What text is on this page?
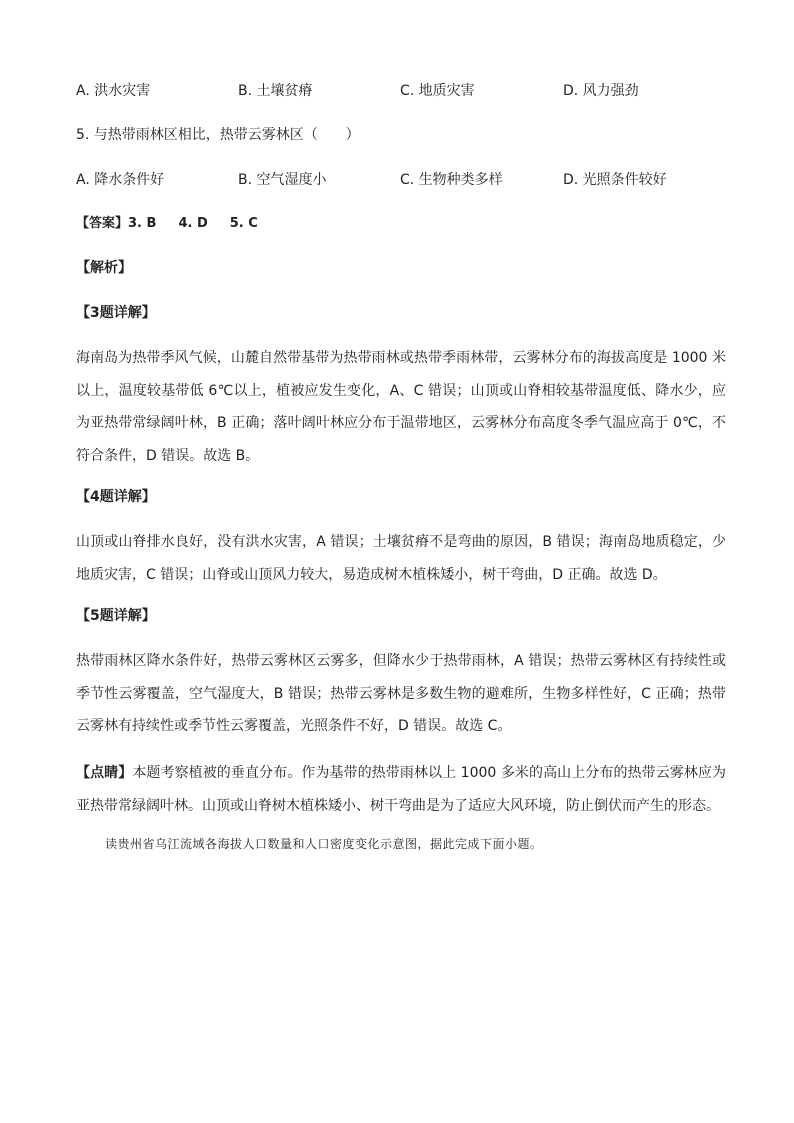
A. 洪水灾害	B. 土壤贫瘠	C. 地质灾害	D. 风力强劲
5. 与热带雨林区相比，热带云雾林区（　　）
A. 降水条件好	B. 空气湿度小	C. 生物种类多样	D. 光照条件较好
【答案】3. B 4. D 5. C
【解析】
【3题详解】
海南岛为热带季风气候，山麓自然带基带为热带雨林或热带季雨林带，云雾林分布的海拔高度是 1000 米以上，温度较基带低 6℃以上，植被应发生变化，A、C 错误；山顶或山脊相较基带温度低、降水少，应为亚热带常绿阔叶林，B 正确；落叶阔叶林应分布于温带地区，云雾林分布高度冬季气温应高于 0℃，不符合条件，D 错误。故选 B。
【4题详解】
山顶或山脊排水良好，没有洪水灾害，A 错误；土壤贫瘠不是弯曲的原因，B 错误；海南岛地质稳定，少地质灾害，C 错误；山脊或山顶风力较大，易造成树木植株矮小，树干弯曲，D 正确。故选 D。
【5题详解】
热带雨林区降水条件好，热带云雾林区云雾多，但降水少于热带雨林，A 错误；热带云雾林区有持续性或季节性云雾覆盖，空气湿度大，B 错误；热带云雾林是多数生物的避难所，生物多样性好，C 正确；热带云雾林有持续性或季节性云雾覆盖，光照条件不好，D 错误。故选 C。
【点睛】本题考察植被的垂直分布。作为基带的热带雨林以上 1000 多米的高山上分布的热带云雾林应为亚热带常绿阔叶林。山顶或山脊树木植株矮小、树干弯曲是为了适应大风环境，防止倒伏而产生的形态。
读贵州省乌江流域各海拔人口数量和人口密度变化示意图，据此完成下面小题。
